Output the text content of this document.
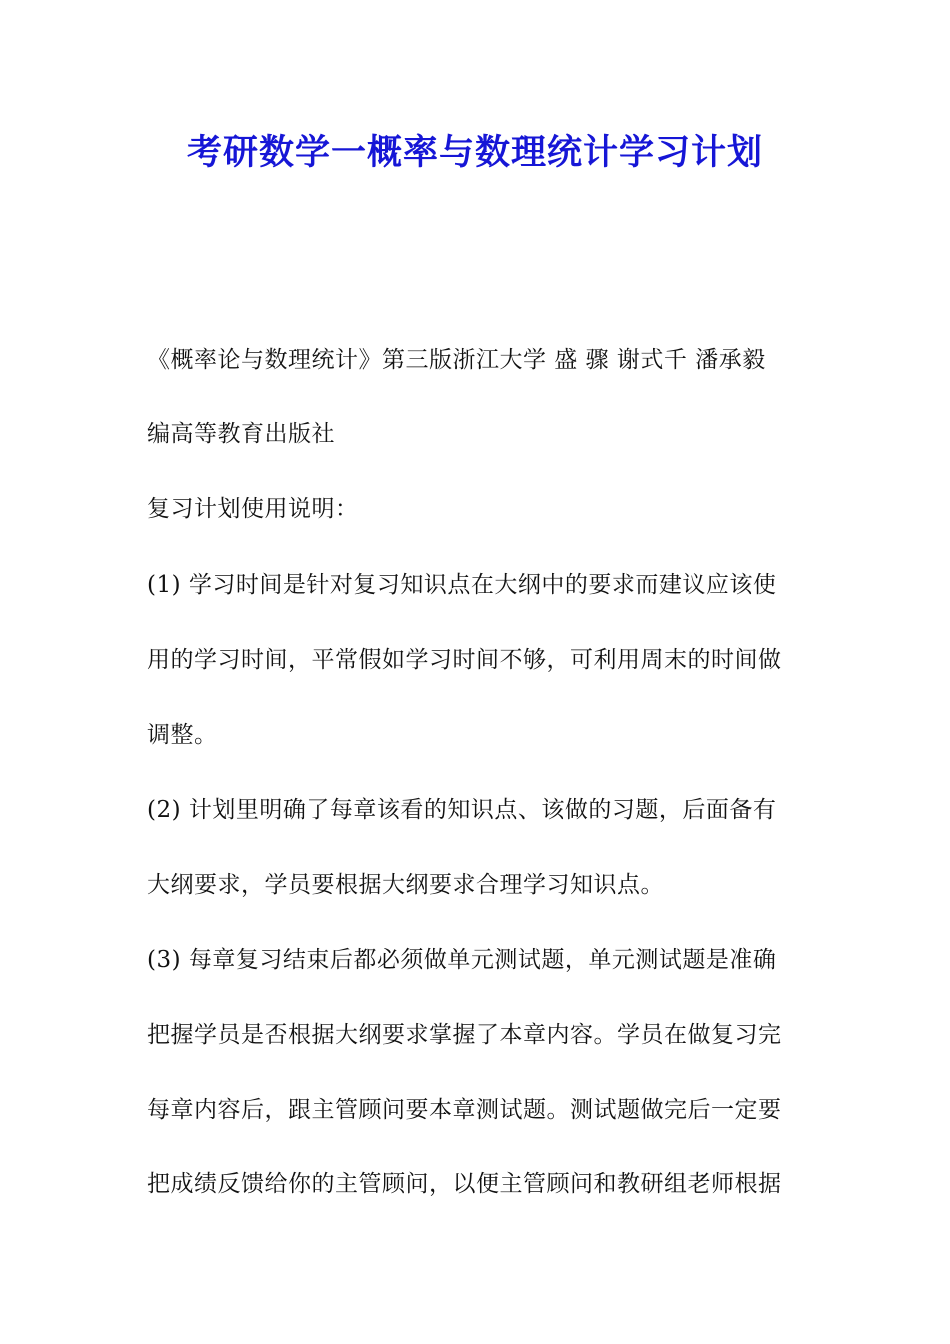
考研数学一概率与数理统计学习计划
《概率论与数理统计》第三版浙江大学 盛 骤 谢式千 潘承毅
编高等教育出版社
复习计划使用说明：
(1) 学习时间是针对复习知识点在大纲中的要求而建议应该使
用的学习时间，平常假如学习时间不够，可利用周末的时间做
调整。
(2) 计划里明确了每章该看的知识点、该做的习题，后面备有
大纲要求，学员要根据大纲要求合理学习知识点。
(3) 每章复习结束后都必须做单元测试题，单元测试题是准确
把握学员是否根据大纲要求掌握了本章内容。学员在做复习完
每章内容后，跟主管顾问要本章测试题。测试题做完后一定要
把成绩反馈给你的主管顾问，以便主管顾问和教研组老师根据
